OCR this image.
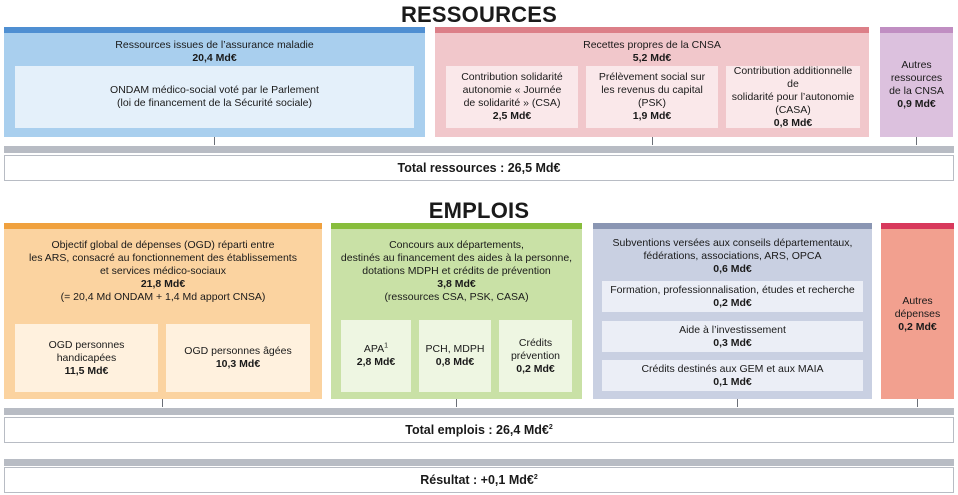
RESSOURCES
Ressources issues de l’assurance maladie
20,4 Md€
ONDAM médico-social voté par le Parlement
(loi de financement de la Sécurité sociale)
Recettes propres de la CNSA
5,2 Md€
Contribution solidarité
autonomie « Journée
de solidarité » (CSA)
2,5 Md€
Prélèvement social sur
les revenus du capital
(PSK)
1,9 Md€
Contribution additionnelle de
solidarité pour l’autonomie
(CASA)
0,8 Md€
Autres
ressources
de la CNSA
0,9 Md€
Total ressources : 26,5 Md€
EMPLOIS
Objectif global de dépenses (OGD) réparti entre
les ARS, consacré au fonctionnement des établissements
et services médico-sociaux
21,8 Md€
(= 20,4 Md ONDAM + 1,4 Md apport CNSA)
OGD personnes handicapées
11,5 Md€
OGD personnes âgées
10,3 Md€
Concours aux départements,
destinés au financement des aides à la personne,
dotations MDPH et crédits de prévention
3,8 Md€
(ressources CSA, PSK, CASA)
APA$^1$
2,8 Md€
PCH, MDPH
0,8 Md€
Crédits
prévention
0,2 Md€
Subventions versées aux conseils départementaux,
fédérations, associations, ARS, OPCA
0,6 Md€
Formation, professionnalisation, études et recherche
0,2 Md€
Aide à l’investissement
0,3 Md€
Crédits destinés aux GEM et aux MAIA
0,1 Md€
Autres
dépenses
0,2 Md€
Total emplois : 26,4 Md€$^2$
Résultat : +0,1 Md€$^2$
